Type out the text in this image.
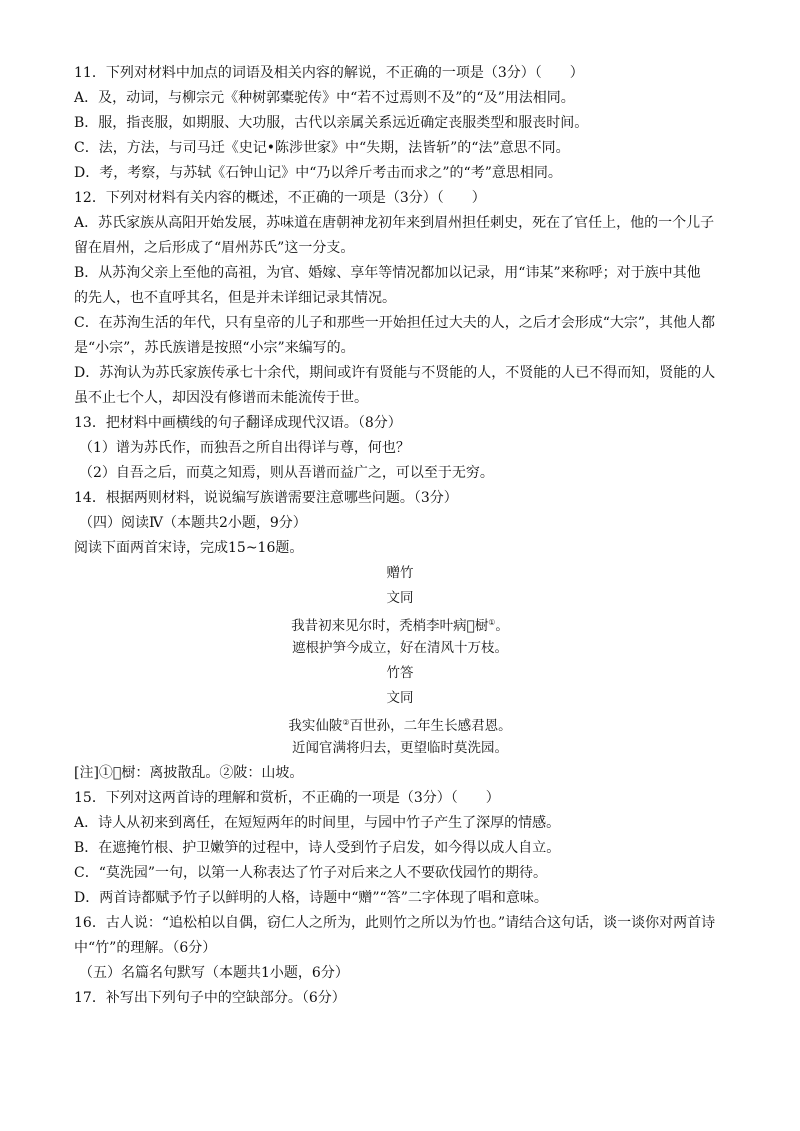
11．下列对材料中加点的词语及相关内容的解说，不正确的一项是（3分）（　　）
A．及，动词，与柳宗元《种树郭橐驼传》中“若不过焉则不及”的“及”用法相同。
B．服，指丧服，如期服、大功服，古代以亲属关系远近确定丧服类型和服丧时间。
C．法，方法，与司马迁《史记•陈涉世家》中“失期，法皆斩”的“法”意思不同。
D．考，考察，与苏轼《石钟山记》中“乃以斧斤考击而求之”的“考”意思相同。
12．下列对材料有关内容的概述，不正确的一项是（3分）（　　）
A．苏氏家族从高阳开始发展，苏味道在唐朝神龙初年来到眉州担任刺史，死在了官任上，他的一个儿子
留在眉州，之后形成了“眉州苏氏”这一分支。
B．从苏洵父亲上至他的高祖，为官、婚嫁、享年等情况都加以记录，用“讳某”来称呼；对于族中其他
的先人，也不直呼其名，但是并未详细记录其情况。
C．在苏洵生活的年代，只有皇帝的儿子和那些一开始担任过大夫的人，之后才会形成“大宗”，其他人都
是“小宗”，苏氏族谱是按照“小宗”来编写的。
D．苏洵认为苏氏家族传承七十余代，期间或许有贤能与不贤能的人，不贤能的人已不得而知，贤能的人
虽不止七个人，却因没有修谱而未能流传于世。
13．把材料中画横线的句子翻译成现代汉语。（8分）
（1）谱为苏氏作，而独吾之所自出得详与尊，何也？
（2）自吾之后，而莫之知焉，则从吾谱而益广之，可以至于无穷。
14．根据两则材料，说说编写族谱需要注意哪些问题。（3分）
（四）阅读Ⅳ（本题共2小题，9分）
阅读下面两首宋诗，完成15~16题。
赠竹
文同
我昔初来见尔时，秃梢李叶病𣕢𣗳①。
遮根护笋今成立，好在清风十万枝。
竹答
文同
我实仙陂②百世孙，二年生长感君恩。
近闻官满将归去，更望临时莫洗园。
[注]①𣕢𣗳：离披散乱。②陂：山坡。
15．下列对这两首诗的理解和赏析，不正确的一项是（3分）（　　）
A．诗人从初来到离任，在短短两年的时间里，与园中竹子产生了深厚的情感。
B．在遮掩竹根、护卫嫩笋的过程中，诗人受到竹子启发，如今得以成人自立。
C．“莫洗园”一句，以第一人称表达了竹子对后来之人不要砍伐园竹的期待。
D．两首诗都赋予竹子以鲜明的人格，诗题中“赠”“答”二字体现了唱和意味。
16．古人说：“追松柏以自偶，窃仁人之所为，此则竹之所以为竹也。”请结合这句话，谈一谈你对两首诗
中“竹”的理解。（6分）
（五）名篇名句默写（本题共1小题，6分）
17．补写出下列句子中的空缺部分。（6分）
